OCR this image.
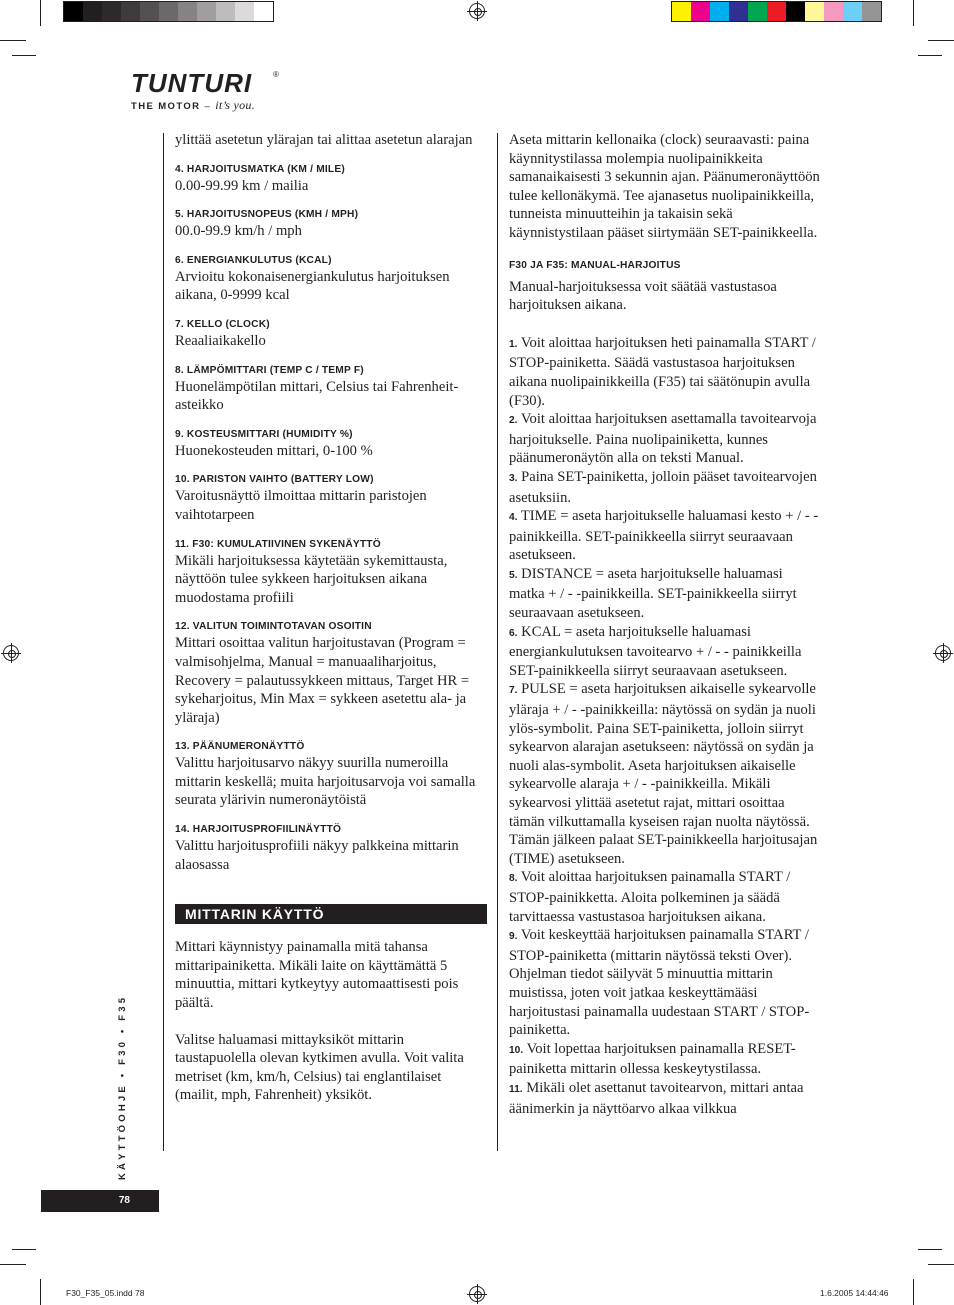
TUNTURI	®
THE MOTOR – it’s you.

ylittää asetetun ylärajan tai alittaa asetetun alarajan

4. HARJOITUSMATKA (KM / MILE)

0.00-99.99 km / mailia

5. HARJOITUSNOPEUS (KMH / MPH)

00.0-99.9 km/h / mph

6. ENERGIANKULUTUS (KCAL)

Arvioitu kokonaisenergiankulutus harjoituksen aikana, 0-9999 kcal

7. KELLO (CLOCK)

Reaaliaikakello

8. LÄMPÖMITTARI (TEMP C / TEMP F)

Huonelämpötilan mittari, Celsius tai Fahrenheit-asteikko

9. KOSTEUSMITTARI (HUMIDITY %)

Huonekosteuden mittari, 0-100 %

10. PARISTON VAIHTO (BATTERY LOW)

Varoitusnäyttö ilmoittaa mittarin paristojen vaihtotarpeen

11. F30: KUMULATIIVINEN SYKENÄYTTÖ

Mikäli harjoituksessa käytetään sykemittausta, näyttöön tulee sykkeen harjoituksen aikana muodostama profiili

12. VALITUN TOIMINTOTAVAN OSOITIN

Mittari osoittaa valitun harjoitustavan (Program = valmisohjelma, Manual = manuaaliharjoitus, Recovery = palautussykkeen mittaus, Target HR = sykeharjoitus, Min Max = sykkeen asetettu ala- ja yläraja)

13. PÄÄNUMERONÄYTTÖ

Valittu harjoitusarvo näkyy suurilla numeroilla mittarin keskellä; muita harjoitusarvoja voi samalla seurata ylärivin numeronäytöistä

14. HARJOITUSPROFIILINÄYTTÖ

Valittu harjoitusprofiili näkyy palkkeina mittarin alaosassa

MITTARIN KÄYTTÖ

Mittari käynnistyy painamalla mitä tahansa mittaripainiketta. Mikäli laite on käyttämättä 5 minuuttia, mittari kytkeytyy automaattisesti pois päältä.

Valitse haluamasi mittayksiköt mittarin taustapuolella olevan kytkimen avulla. Voit valita metriset (km, km/h, Celsius) tai englantilaiset (mailit, mph, Fahrenheit) yksiköt.

Aseta mittarin kellonaika (clock) seuraavasti: paina käynnitystilassa molempia nuolipainikkeita samanaikaisesti 3 sekunnin ajan. Päänumeronäyttöön tulee kellonäkymä. Tee ajanasetus nuolipainikkeilla, tunneista minuutteihin ja takaisin sekä käynnistystilaan pääset siirtymään SET-painikkeella.

F30 JA F35: MANUAL-HARJOITUS

Manual-harjoituksessa voit säätää vastustasoa harjoituksen aikana.

1. Voit aloittaa harjoituksen heti painamalla START / STOP-painiketta. Säädä vastustasoa harjoituksen aikana nuolipainikkeilla (F35) tai säätönupin avulla (F30).

2. Voit aloittaa harjoituksen asettamalla tavoitearvoja harjoitukselle. Paina nuolipainiketta, kunnes päänumeronäytön alla on teksti Manual.

3. Paina SET-painiketta, jolloin pääset tavoitearvojen asetuksiin.

4. TIME = aseta harjoitukselle haluamasi kesto + / - -painikkeilla. SET-painikkeella siirryt seuraavaan asetukseen.

5. DISTANCE = aseta harjoitukselle haluamasi matka + / - -painikkeilla. SET-painikkeella siirryt seuraavaan asetukseen.

6. KCAL = aseta harjoitukselle haluamasi energiankulutuksen tavoitearvo + / - - painikkeilla SET-painikkeella siirryt seuraavaan asetukseen.

7. PULSE = aseta harjoituksen aikaiselle sykearvolle yläraja + / - -painikkeilla: näytössä on sydän ja nuoli ylös-symbolit. Paina SET-painiketta, jolloin siirryt sykearvon alarajan asetukseen: näytössä on sydän ja nuoli alas-symbolit. Aseta harjoituksen aikaiselle sykearvolle alaraja + / - -painikkeilla. Mikäli sykearvosi ylittää asetetut rajat, mittari osoittaa tämän vilkuttamalla kyseisen rajan nuolta näytössä. Tämän jälkeen palaat SET-painikkeella harjoitusajan (TIME) asetukseen.

8. Voit aloittaa harjoituksen painamalla START / STOP-painikketta. Aloita polkeminen ja säädä tarvittaessa vastustasoa harjoituksen aikana.

9. Voit keskeyttää harjoituksen painamalla START / STOP-painiketta (mittarin näytössä teksti Over). Ohjelman tiedot säilyvät 5 minuuttia mittarin muistissa, joten voit jatkaa keskeyttämääsi harjoitustasi painamalla uudestaan START / STOP-painiketta.

10. Voit lopettaa harjoituksen painamalla RESET-painiketta mittarin ollessa keskeytystilassa.

11. Mikäli olet asettanut tavoitearvon, mittari antaa äänimerkin ja näyttöarvo alkaa vilkkua

KÄYTTÖOHJE • F30 • F35
78
F30_F35_05.indd 78	1.6.2005 14:44:46
